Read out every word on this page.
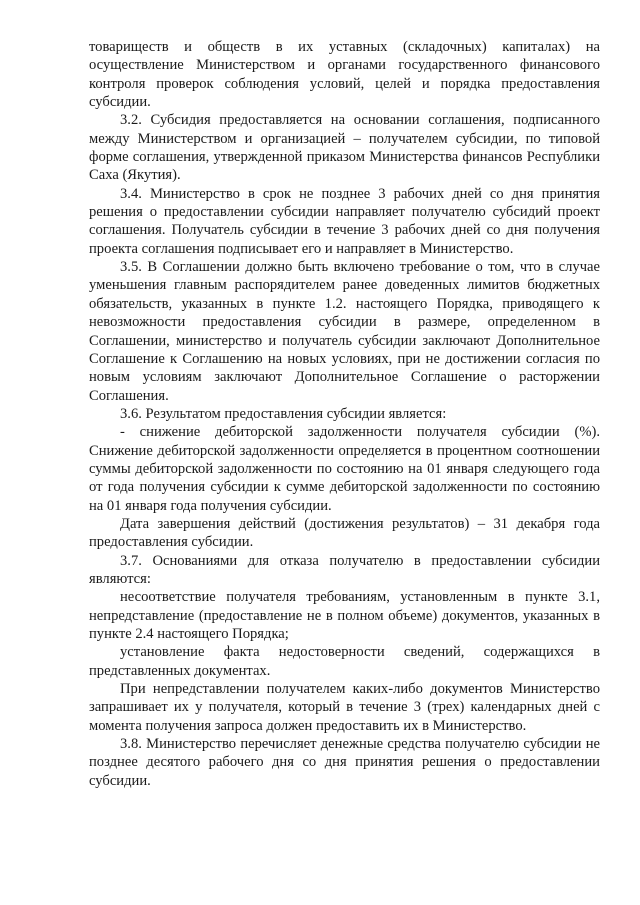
товариществ и обществ в их уставных (складочных) капиталах) на осуществление Министерством и органами государственного финансового контроля проверок соблюдения условий, целей и порядка предоставления субсидии.

3.2. Субсидия предоставляется на основании соглашения, подписанного между Министерством и организацией – получателем субсидии, по типовой форме соглашения, утвержденной приказом Министерства финансов Республики Саха (Якутия).

3.4. Министерство в срок не позднее 3 рабочих дней со дня принятия решения о предоставлении субсидии направляет получателю субсидий проект соглашения. Получатель субсидии в течение 3 рабочих дней со дня получения проекта соглашения подписывает его и направляет в Министерство.

3.5. В Соглашении должно быть включено требование о том, что в случае уменьшения главным распорядителем ранее доведенных лимитов бюджетных обязательств, указанных в пункте 1.2. настоящего Порядка, приводящего к невозможности предоставления субсидии в размере, определенном в Соглашении, министерство и получатель субсидии заключают Дополнительное Соглашение к Соглашению на новых условиях, при не достижении согласия по новым условиям заключают Дополнительное Соглашение о расторжении Соглашения.

3.6. Результатом предоставления субсидии является:

- снижение дебиторской задолженности получателя субсидии (%). Снижение дебиторской задолженности определяется в процентном соотношении суммы дебиторской задолженности по состоянию на 01 января следующего года от года получения субсидии к сумме дебиторской задолженности по состоянию на 01 января года получения субсидии.

Дата завершения действий (достижения результатов) – 31 декабря года предоставления субсидии.

3.7. Основаниями для отказа получателю в предоставлении субсидии являются:

несоответствие получателя требованиям, установленным в пункте 3.1, непредставление (предоставление не в полном объеме) документов, указанных в пункте 2.4 настоящего Порядка;

установление факта недостоверности сведений, содержащихся в представленных документах.

При непредставлении получателем каких-либо документов Министерство запрашивает их у получателя, который в течение 3 (трех) календарных дней с момента получения запроса должен предоставить их в Министерство.

3.8. Министерство перечисляет денежные средства получателю субсидии не позднее десятого рабочего дня со дня принятия решения о предоставлении субсидии.
